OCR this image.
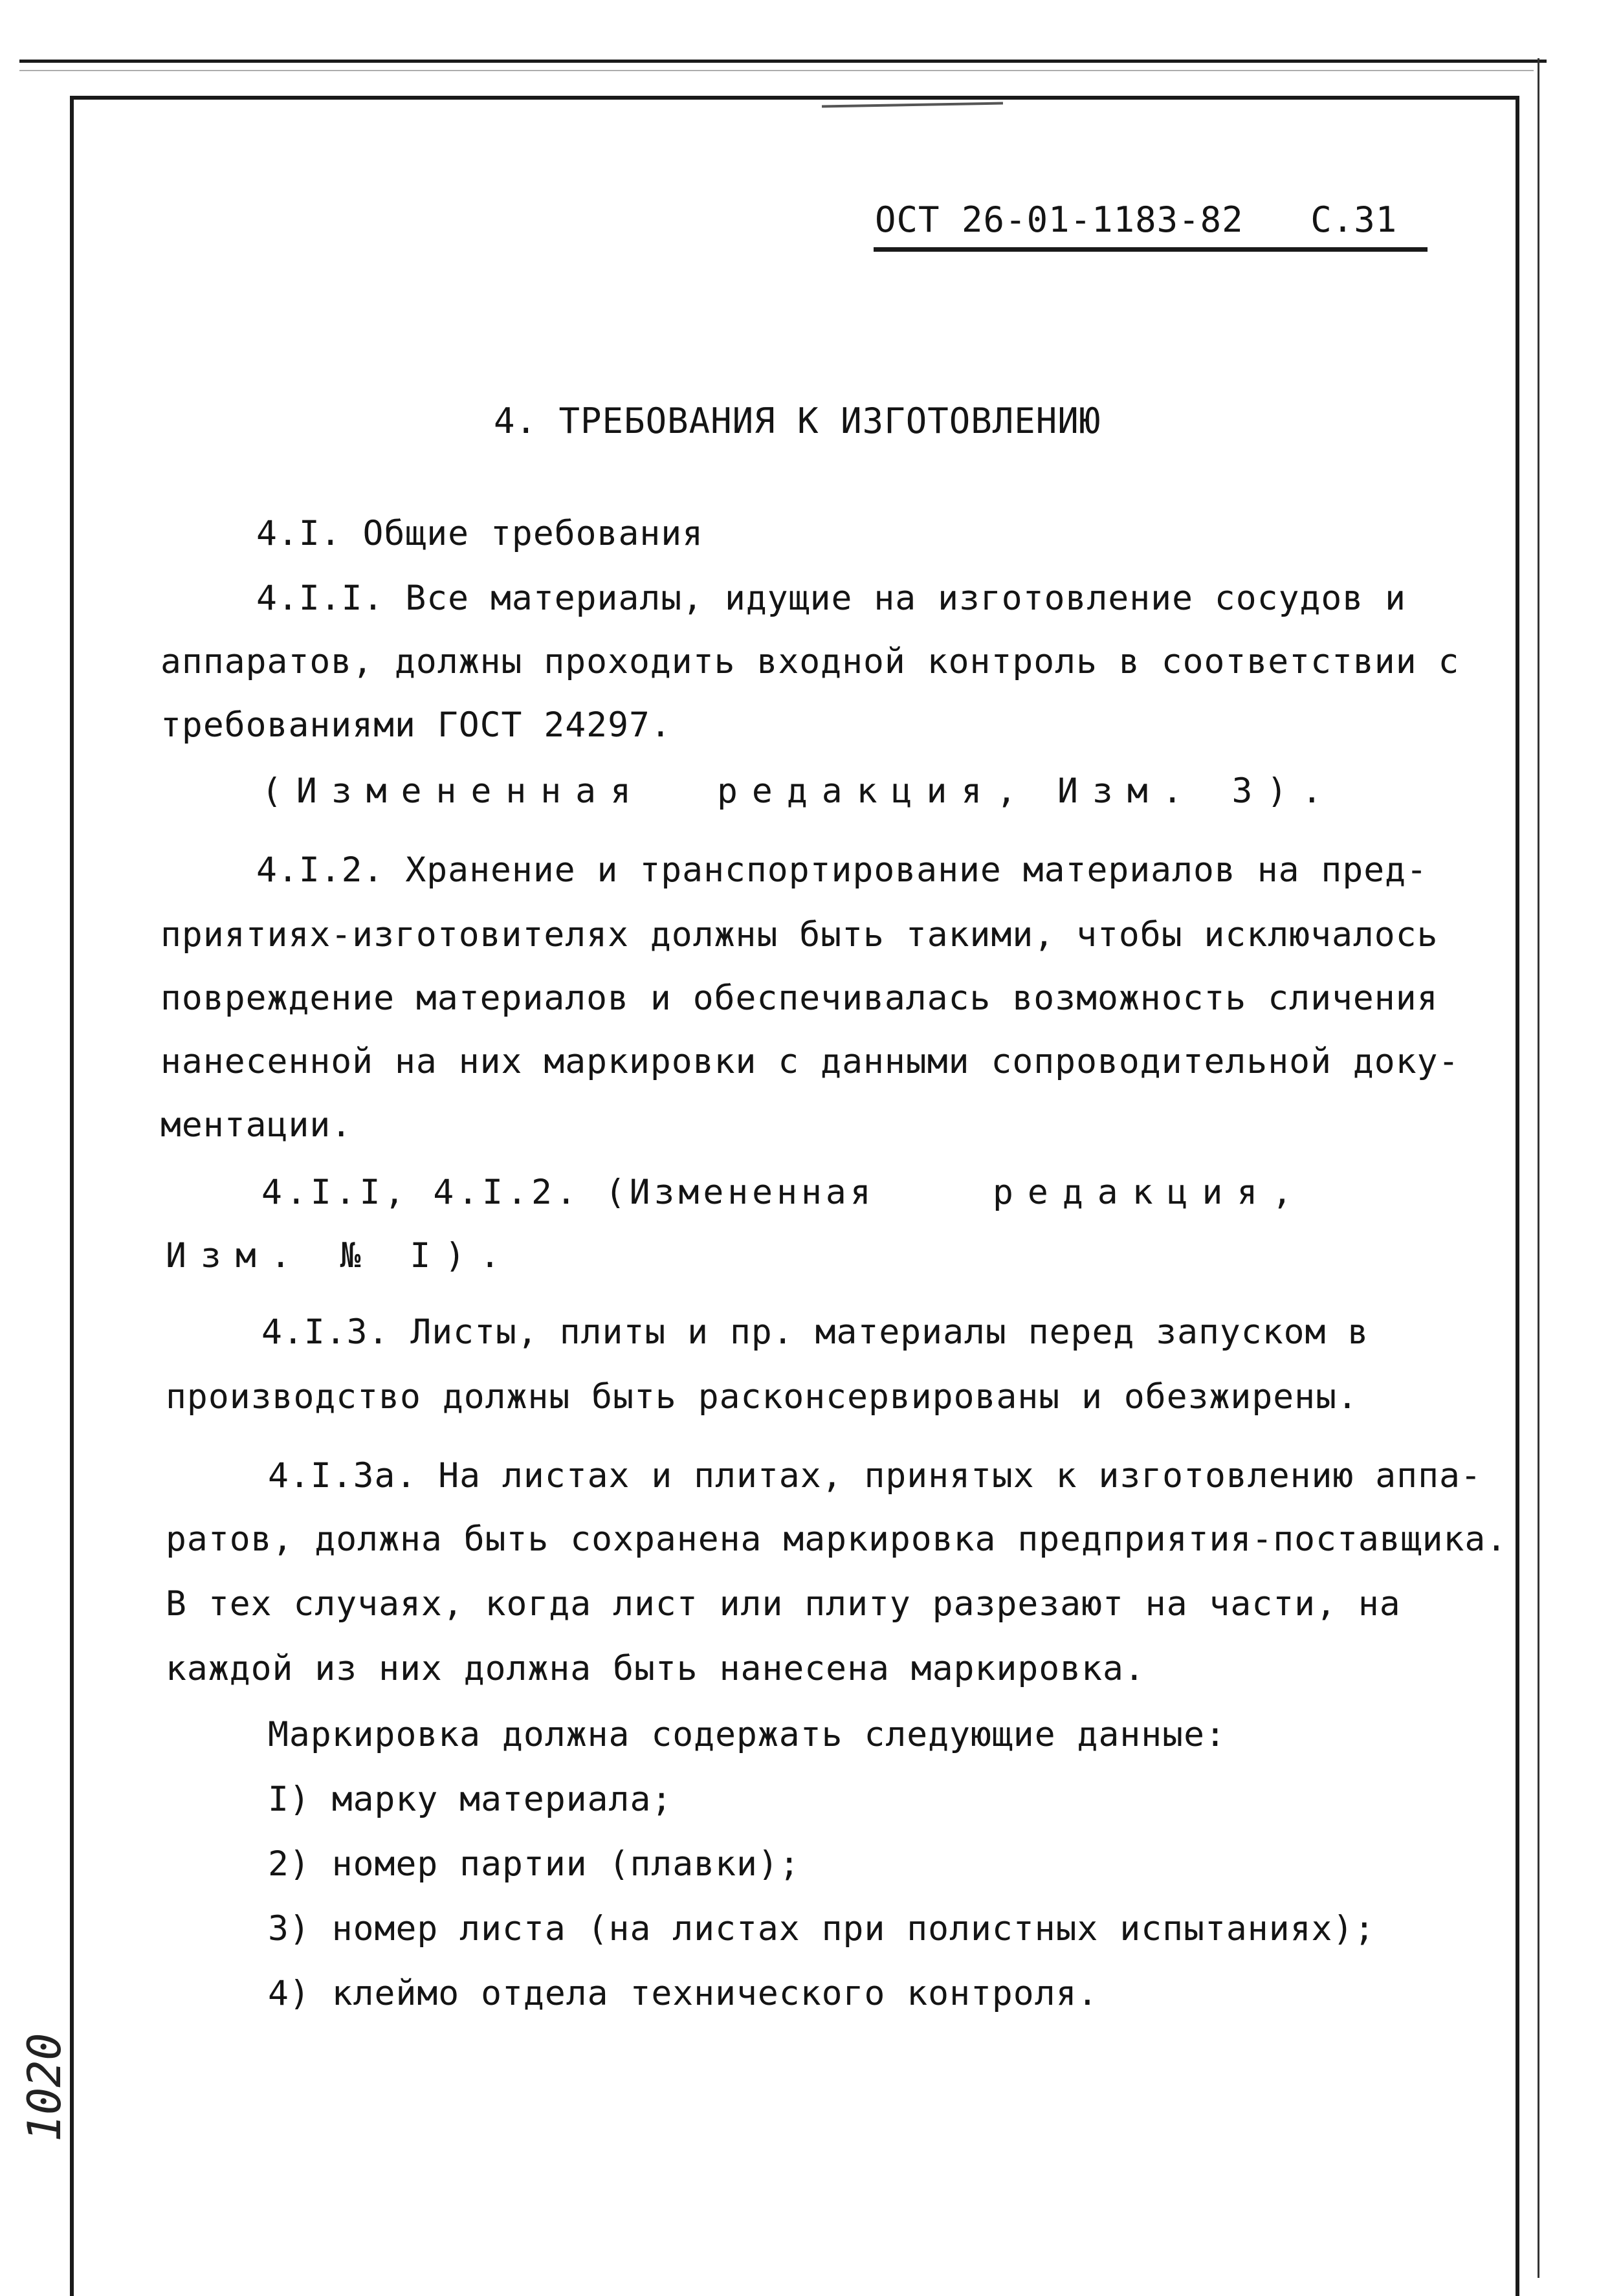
ОСТ 26-01-1183-82 С.31
4. ТРЕБОВАНИЯ К ИЗГОТОВЛЕНИЮ
4.I. Общие требования
4.I.I. Все материалы, идущие на изготовление сосудов и
аппаратов, должны проходить входной контроль в соответствии с
требованиями ГОСТ 24297.
(Измененная редакция, Изм. 3).
4.I.2. Хранение и транспортирование материалов на пред-
приятиях-изготовителях должны быть такими, чтобы исключалось
повреждение материалов и обеспечивалась возможность сличения
нанесенной на них маркировки с данными сопроводительной доку-
ментации.
4.I.I, 4.I.2. (Измененная	редакция,
Изм. № I).
4.I.3. Листы, плиты и пр. материалы перед запуском в
производство должны быть расконсервированы и обезжирены.
4.I.3а. На листах и плитах, принятых к изготовлению аппа-
ратов, должна быть сохранена маркировка предприятия-поставщика.
В тех случаях, когда лист или плиту разрезают на части, на
каждой из них должна быть нанесена маркировка.
Маркировка должна содержать следующие данные:
I) марку материала;
2) номер партии (плавки);
3) номер листа (на листах при полистных испытаниях);
4) клеймо отдела технического контроля.
1020
